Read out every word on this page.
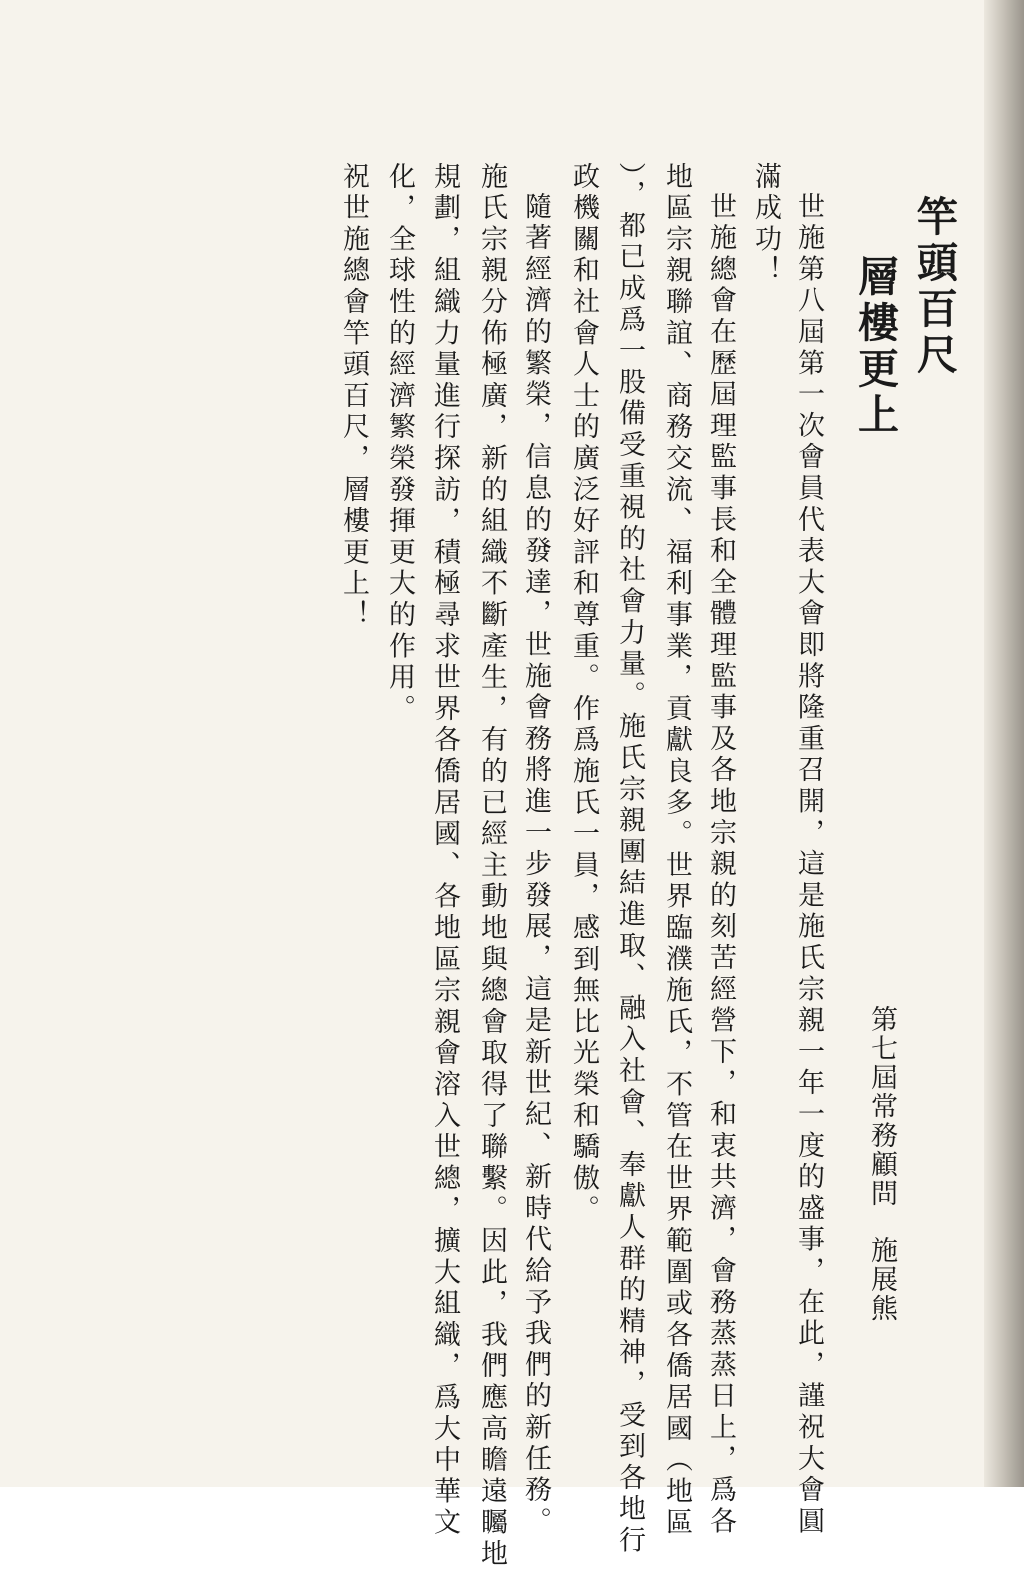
竿頭百尺
層樓更上
第七屆常務顧問施展熊

世施第八屆第一次會員代表大會即將隆重召開，這是施氏宗親一年一度的盛事，在此，謹祝大會圓

滿成功！

世施總會在歷屆理監事長和全體理監事及各地宗親的刻苦經營下，和衷共濟，會務蒸蒸日上，爲各

地區宗親聯誼、商務交流、福利事業，貢獻良多。世界臨濮施氏，不管在世界範圍或各僑居國（地區

），都已成爲一股備受重視的社會力量。施氏宗親團結進取、融入社會、奉獻人群的精神，受到各地行

政機關和社會人士的廣泛好評和尊重。作爲施氏一員，感到無比光榮和驕傲。

隨著經濟的繁榮，信息的發達，世施會務將進一步發展，這是新世紀、新時代給予我們的新任務。

施氏宗親分佈極廣，新的組織不斷產生，有的已經主動地與總會取得了聯繫。因此，我們應高瞻遠矚地

規劃，組織力量進行探訪，積極尋求世界各僑居國、各地區宗親會溶入世總，擴大組織，爲大中華文

化，全球性的經濟繁榮發揮更大的作用。

祝世施總會竿頭百尺，層樓更上！
